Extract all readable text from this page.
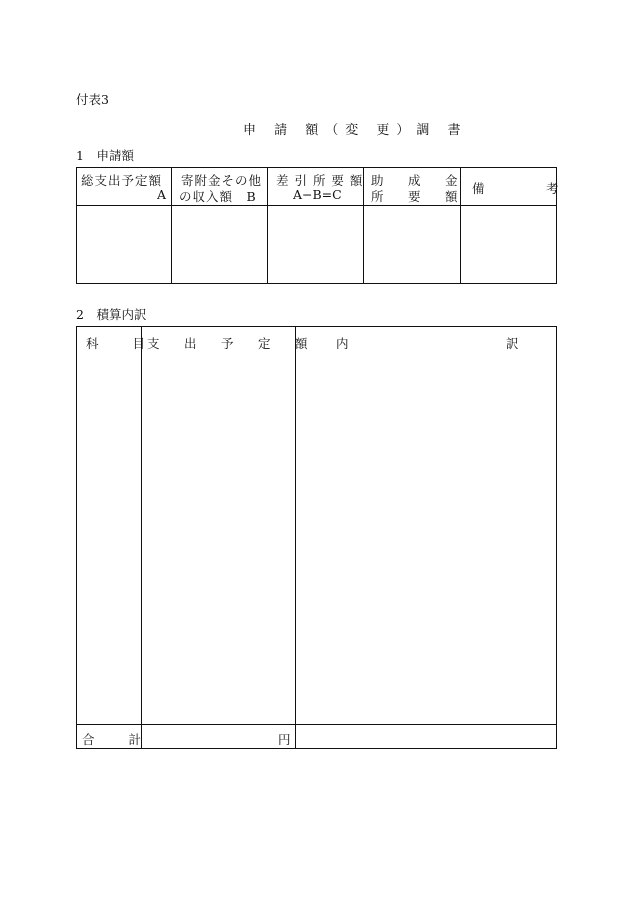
付表3
申 請 額（変 更）調 書
1　申請額
総支出予定額
A
寄附金その他
の収入額　B
差 引 所 要 額
A−B=C
助　成　金
所　要　額
備　　　考
2　積算内訳
科　　目
支　出　予　定　額 内	訳
合　　計	円
